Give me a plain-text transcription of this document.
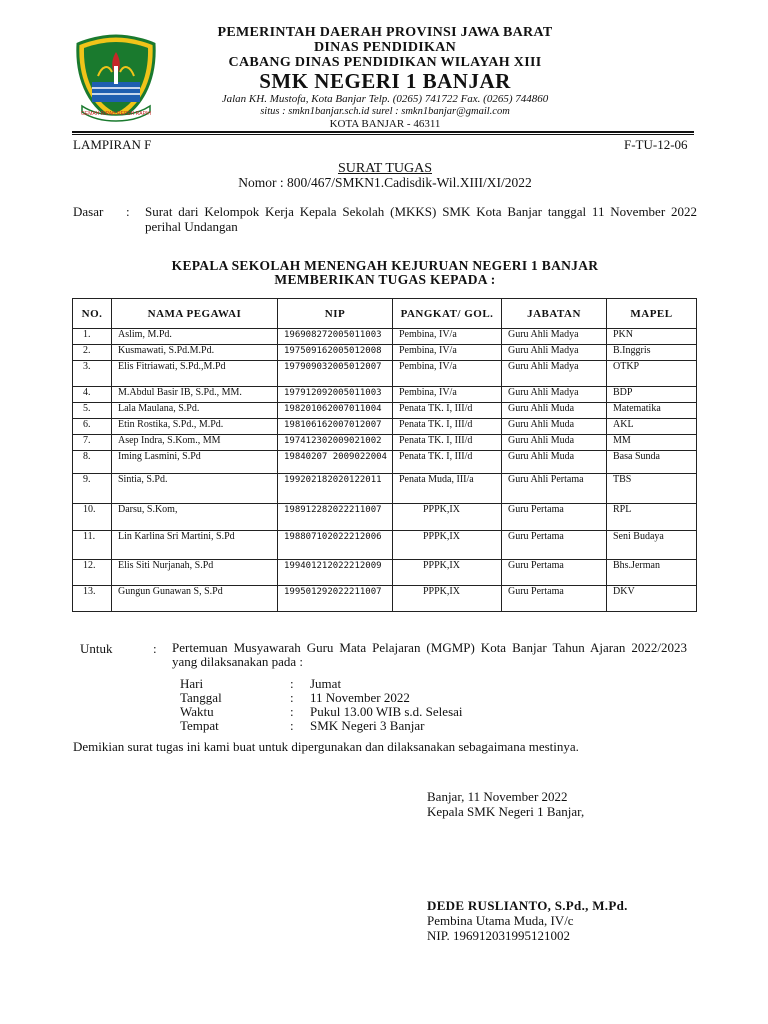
GEMAH RIPAH REPEH RAPIH
PEMERINTAH DAERAH PROVINSI JAWA BARAT
DINAS PENDIDIKAN
CABANG DINAS PENDIDIKAN WILAYAH XIII
SMK NEGERI 1 BANJAR
Jalan KH. Mustofa, Kota Banjar Telp. (0265) 741722 Fax. (0265) 744860
situs : smkn1banjar.sch.id surel : smkn1banjar@gmail.com
KOTA BANJAR - 46311
LAMPIRAN F	F-TU-12-06
SURAT TUGAS
Nomor : 800/467/SMKN1.Cadisdik-Wil.XIII/XI/2022
Dasar : Surat dari Kelompok Kerja Kepala Sekolah (MKKS) SMK Kota Banjar tanggal 11 November 2022 perihal Undangan
KEPALA SEKOLAH MENENGAH KEJURUAN NEGERI 1 BANJAR
MEMBERIKAN TUGAS KEPADA :
NO.	NAMA PEGAWAI	NIP	PANGKAT/ GOL.	JABATAN	MAPEL
1.	Aslim, M.Pd.	196908272005011003	Pembina, IV/a	Guru Ahli Madya	PKN
2.	Kusmawati, S.Pd.M.Pd.	197509162005012008	Pembina, IV/a	Guru Ahli Madya	B.Inggris
3.	Elis Fitriawati, S.Pd.,M.Pd	197909032005012007	Pembina, IV/a	Guru Ahli Madya	OTKP
4.	M.Abdul Basir IB, S.Pd., MM.	197912092005011003	Pembina, IV/a	Guru Ahli Madya	BDP
5.	Lala Maulana, S.Pd.	198201062007011004	Penata TK. I, III/d	Guru Ahli Muda	Matematika
6.	Etin Rostika, S.Pd., M.Pd.	198106162007012007	Penata TK. I, III/d	Guru Ahli Muda	AKL
7.	Asep Indra, S.Kom., MM	197412302009021002	Penata TK. I, III/d	Guru Ahli Muda	MM
8.	Iming Lasmini, S.Pd	19840207 2009022004	Penata TK. I, III/d	Guru Ahli Muda	Basa Sunda
9.	Sintia, S.Pd.	199202182020122011	Penata Muda, III/a	Guru Ahli Pertama	TBS
10.	Darsu, S.Kom,	198912282022211007	PPPK,IX	Guru Pertama	RPL
11.	Lin Karlina Sri Martini, S.Pd	198807102022212006	PPPK,IX	Guru Pertama	Seni Budaya
12.	Elis Siti Nurjanah, S.Pd	199401212022212009	PPPK,IX	Guru Pertama	Bhs.Jerman
13.	Gungun Gunawan S, S.Pd	199501292022211007	PPPK,IX	Guru Pertama	DKV
Untuk	: Pertemuan Musyawarah Guru Mata Pelajaran (MGMP) Kota Banjar Tahun Ajaran 2022/2023 yang dilaksanakan pada :
Hari	: Jumat
Tanggal	: 11 November 2022
Waktu	: Pukul 13.00 WIB s.d. Selesai
Tempat	: SMK Negeri 3 Banjar
Demikian surat tugas ini kami buat untuk dipergunakan dan dilaksanakan sebagaimana mestinya.
Banjar, 11 November 2022
Kepala SMK Negeri 1 Banjar,
DEDE RUSLIANTO, S.Pd., M.Pd.
Pembina Utama Muda, IV/c
NIP. 196912031995121002
